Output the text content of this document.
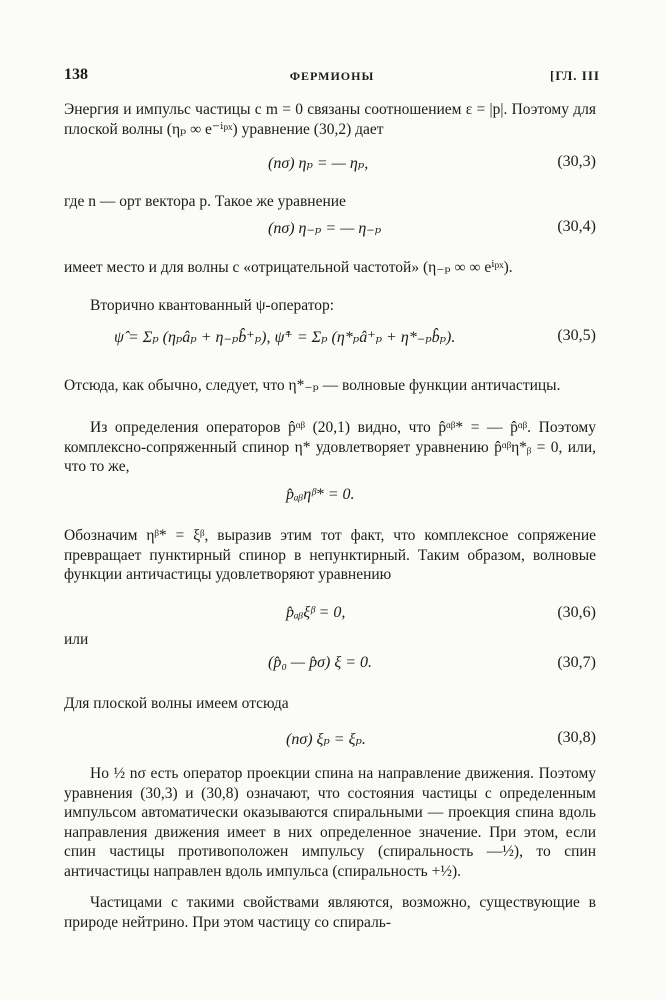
138	ФЕРМИОНЫ	[ГЛ. III
Энергия и импульс частицы с m = 0 связаны соотношением ε = |p|. Поэтому для плоской волны (ηₚ ∞ e⁻ⁱᵖˣ) уравнение (30,2) дает
(nσ) ηₚ = — ηₚ,	(30,3)
где n — орт вектора p. Такое же уравнение
(nσ) η₋ₚ = — η₋ₚ	(30,4)
имеет место и для волны с «отрицательной частотой» (η₋ₚ ∞ ∞ eⁱᵖˣ).
Вторично квантованный ψ-оператор:
ψ̂ = Σₚ (ηₚâₚ + η₋ₚb̂⁺ₚ), ψ̂⁺ = Σₚ (η*ₚâ⁺ₚ + η*₋ₚb̂ₚ).	(30,5)
Отсюда, как обычно, следует, что η*₋ₚ — волновые функции античастицы.
Из определения операторов p̂ᵅᵝ (20,1) видно, что p̂ᵅᵝ* = — p̂ᵅᵝ. Поэтому комплексно-сопряженный спинор η* удовлетворяет уравнению p̂ᵅᵝη*ᵦ = 0, или, что то же,
p̂ₐᵦηᵝ* = 0.
Обозначим ηᵝ* = ξᵝ, выразив этим тот факт, что комплексное сопряжение превращает пунктирный спинор в непунктирный. Таким образом, волновые функции античастицы удовлетворяют уравнению
p̂ₐᵦξᵝ = 0,	(30,6)
или
(p̂₀ — p̂σ) ξ = 0.	(30,7)
Для плоской волны имеем отсюда
(nσ) ξₚ = ξₚ.	(30,8)
Но ½ nσ есть оператор проекции спина на направление движения. Поэтому уравнения (30,3) и (30,8) означают, что состояния частицы с определенным импульсом автоматически оказываются спиральными — проекция спина вдоль направления движения имеет в них определенное значение. При этом, если спин частицы противоположен импульсу (спиральность —½), то спин античастицы направлен вдоль импульса (спиральность +½).
Частицами с такими свойствами являются, возможно, существующие в природе нейтрино. При этом частицу со спираль-
